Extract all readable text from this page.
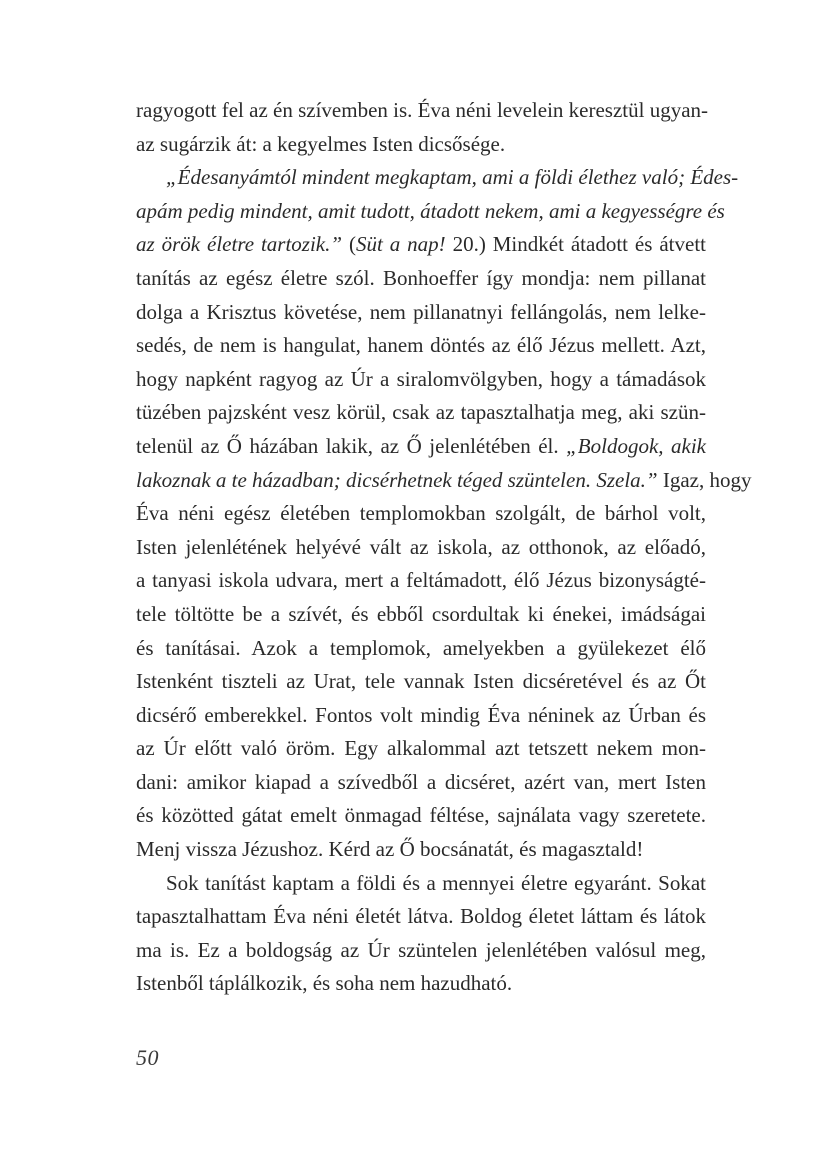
ragyogott fel az én szívemben is. Éva néni levelein keresztül ugyan-
az sugárzik át: a kegyelmes Isten dicsősége.
„Édesanyámtól mindent megkaptam, ami a földi élethez való; Édes-
apám pedig mindent, amit tudott, átadott nekem, ami a kegyességre és
az örök életre tartozik.” (Süt a nap! 20.) Mindkét átadott és átvett
tanítás az egész életre szól. Bonhoeffer így mondja: nem pillanat
dolga a Krisztus követése, nem pillanatnyi fellángolás, nem lelke-
sedés, de nem is hangulat, hanem döntés az élő Jézus mellett. Azt,
hogy napként ragyog az Úr a siralomvölgyben, hogy a támadások
tüzében pajzsként vesz körül, csak az tapasztalhatja meg, aki szün-
telenül az Ő házában lakik, az Ő jelenlétében él. „Boldogok, akik
lakoznak a te házadban; dicsérhetnek téged szüntelen. Szela.” Igaz, hogy
Éva néni egész életében templomokban szolgált, de bárhol volt,
Isten jelenlétének helyévé vált az iskola, az otthonok, az előadó,
a tanyasi iskola udvara, mert a feltámadott, élő Jézus bizonyságté-
tele töltötte be a szívét, és ebből csordultak ki énekei, imádságai
és tanításai. Azok a templomok, amelyekben a gyülekezet élő
Istenként tiszteli az Urat, tele vannak Isten dicséretével és az Őt
dicsérő emberekkel. Fontos volt mindig Éva néninek az Úrban és
az Úr előtt való öröm. Egy alkalommal azt tetszett nekem mon-
dani: amikor kiapad a szívedből a dicséret, azért van, mert Isten
és közötted gátat emelt önmagad féltése, sajnálata vagy szeretete.
Menj vissza Jézushoz. Kérd az Ő bocsánatát, és magasztald!
Sok tanítást kaptam a földi és a mennyei életre egyaránt. Sokat
tapasztalhattam Éva néni életét látva. Boldog életet láttam és látok
ma is. Ez a boldogság az Úr szüntelen jelenlétében valósul meg,
Istenből táplálkozik, és soha nem hazudható.
50
